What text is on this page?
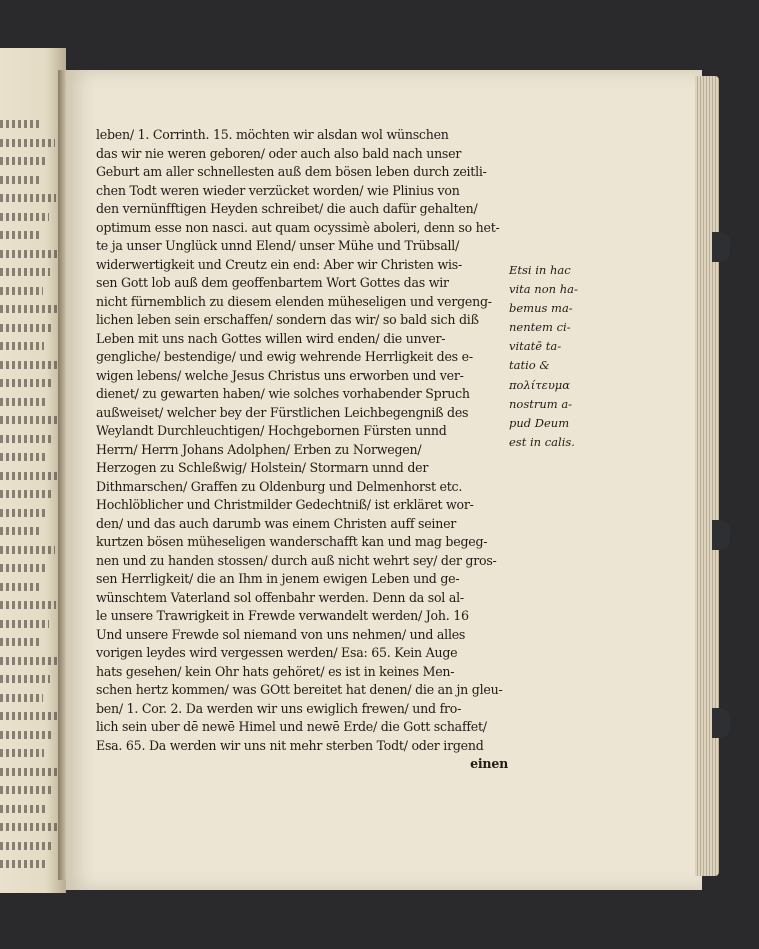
leben/ 1. Corrinth. 15. möchten wir alsdan wol wünschen
das wir nie weren geboren/ oder auch also bald nach unser
Geburt am aller schnellesten auß dem bösen leben durch zeitli-
chen Todt weren wieder verzücket worden/ wie Plinius von
den vernünfftigen Heyden schreibet/ die auch dafür gehalten/
optimum esse non nasci. aut quam ocyssimè aboleri, denn so het-
te ja unser Unglück unnd Elend/ unser Mühe und Trübsall/
widerwertigkeit und Creutz ein end: Aber wir Christen wis-
sen Gott lob auß dem geoffenbartem Wort Gottes das wir
nicht fürnemblich zu diesem elenden müheseligen und vergeng-
lichen leben sein erschaffen/ sondern das wir/ so bald sich diß
Leben mit uns nach Gottes willen wird enden/ die unver-
gengliche/ bestendige/ und ewig wehrende Herrligkeit des e-
wigen lebens/ welche Jesus Christus uns erworben und ver-
dienet/ zu gewarten haben/ wie solches vorhabender Spruch
außweiset/ welcher bey der Fürstlichen Leichbegengniß des
Weylandt Durchleuchtigen/ Hochgebornen Fürsten unnd
Herrn/ Herrn Johans Adolphen/ Erben zu Norwegen/
Herzogen zu Schleßwig/ Holstein/ Stormarn unnd der
Dithmarschen/ Graffen zu Oldenburg und Delmenhorst etc.
Hochlöblicher und Christmilder Gedechtniß/ ist erkläret wor-
den/ und das auch darumb was einem Christen auff seiner
kurtzen bösen müheseligen wanderschafft kan und mag begeg-
nen und zu handen stossen/ durch auß nicht wehrt sey/ der gros-
sen Herrligkeit/ die an Ihm in jenem ewigen Leben und ge-
wünschtem Vaterland sol offenbahr werden. Denn da sol al-
le unsere Trawrigkeit in Frewde verwandelt werden/ Joh. 16
Und unsere Frewde sol niemand von uns nehmen/ und alles
vorigen leydes wird vergessen werden/ Esa: 65. Kein Auge
hats gesehen/ kein Ohr hats gehöret/ es ist in keines Men-
schen hertz kommen/ was GOtt bereitet hat denen/ die an jn gleu-
ben/ 1. Cor. 2. Da werden wir uns ewiglich frewen/ und fro-
lich sein uber dē newē Himel und newē Erde/ die Gott schaffet/
Esa. 65. Da werden wir uns nit mehr sterben Todt/ oder irgend
einen
Etsi in hac
vita non ha-
bemus ma-
nentem ci-
vitatē ta-
tatio &
πολίτευμα
nostrum a-
pud Deum
est in calis.
